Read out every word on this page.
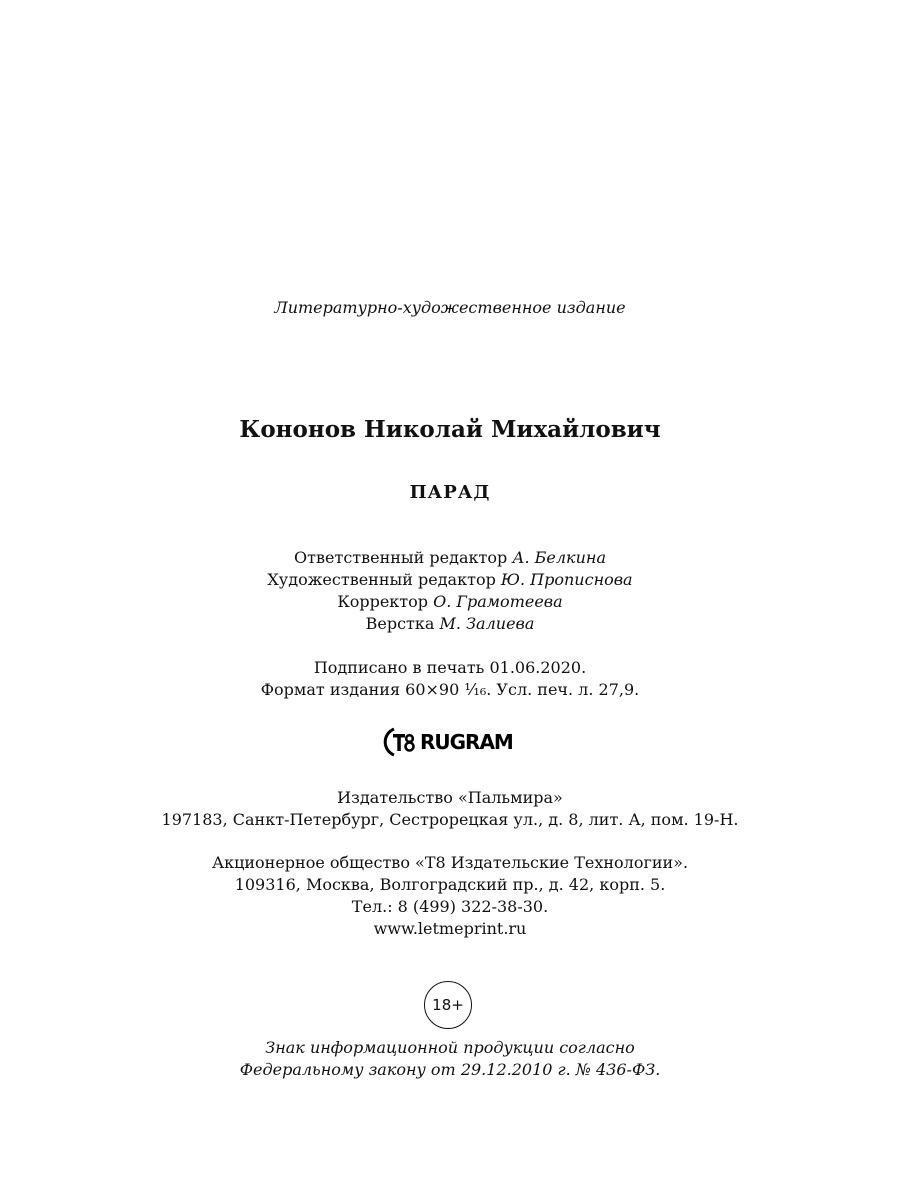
Литературно-художественное издание
Кононов Николай Михайлович
ПАРАД
Ответственный редактор А. Белкина
Художественный редактор Ю. Прописнова
Корректор О. Грамотеева
Верстка М. Залиева
Подписано в печать 01.06.2020.
Формат издания 60×90 ¹⁄₁₆. Усл. печ. л. 27,9.
RUGRAM
Издательство «Пальмира»
197183, Санкт-Петербург, Сестрорецкая ул., д. 8, лит. А, пом. 19-Н.
Акционерное общество «Т8 Издательские Технологии».
109316, Москва, Волгоградский пр., д. 42, корп. 5.
Тел.: 8 (499) 322-38-30.
www.letmeprint.ru
18+
Знак информационной продукции согласно
Федеральному закону от 29.12.2010 г. № 436-ФЗ.
